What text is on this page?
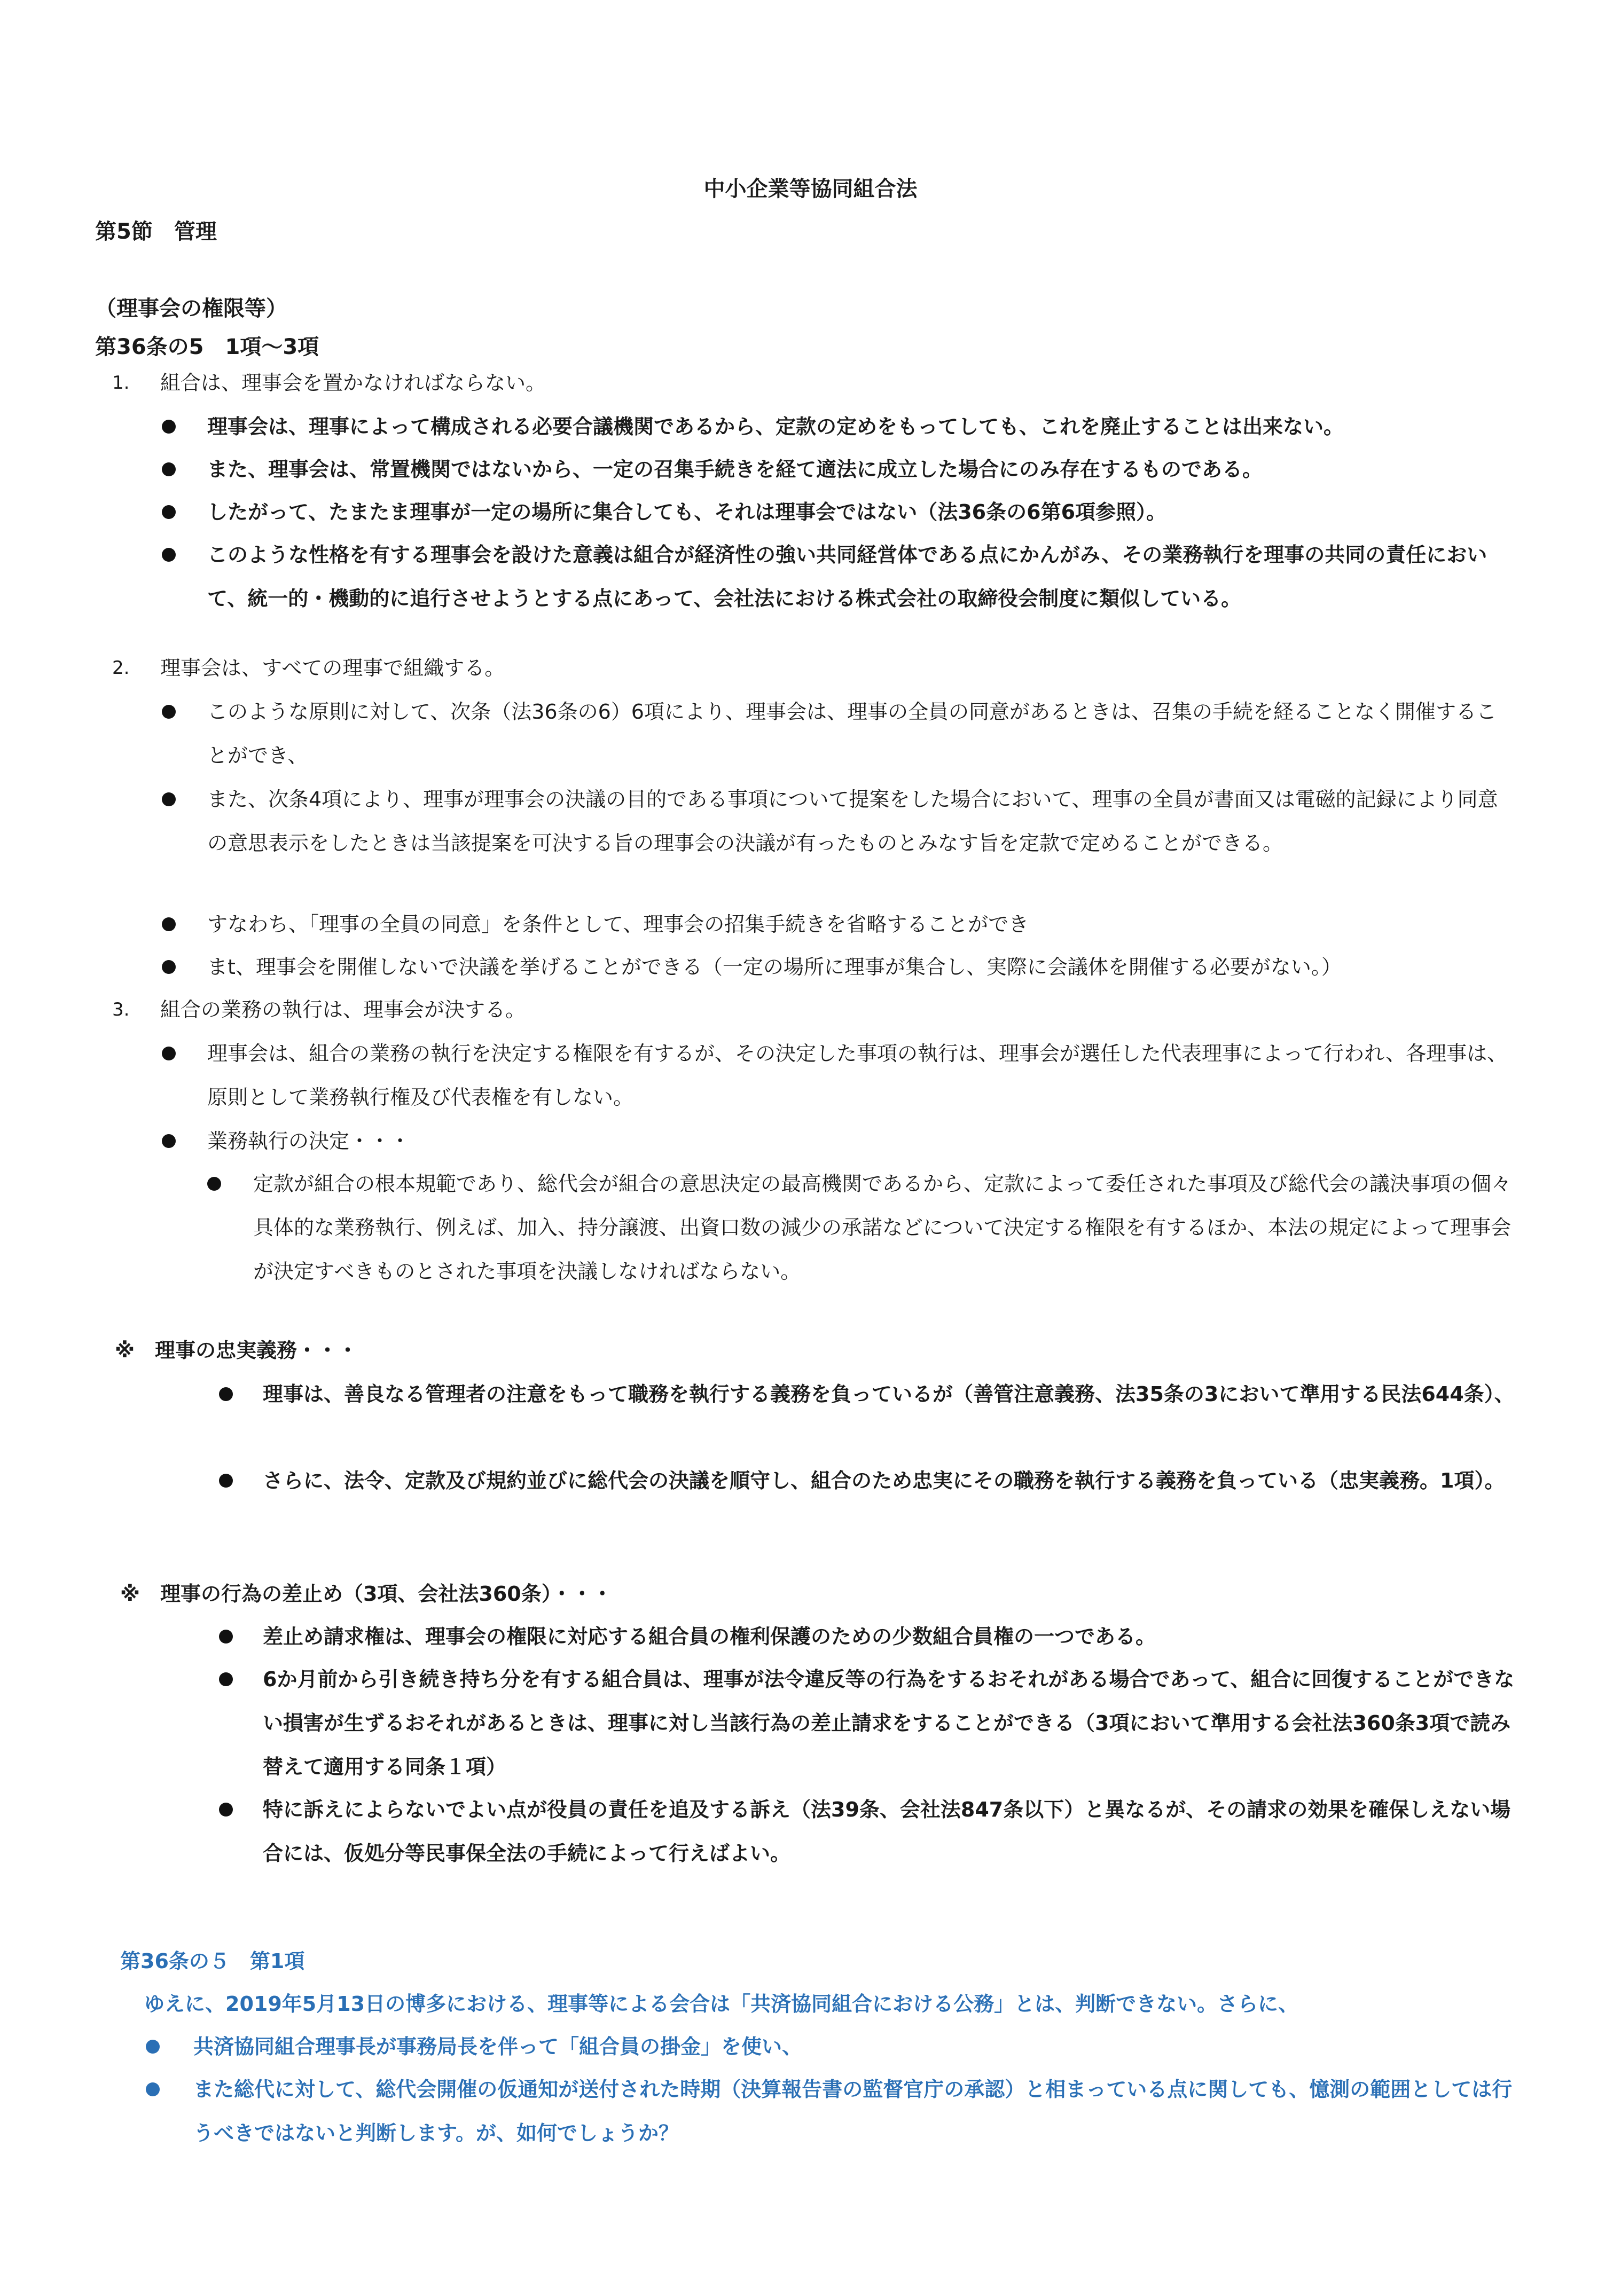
中小企業等協同組合法
第5節　管理
（理事会の権限等）
第36条の5　1項～3項
1. 組合は、理事会を置かなければならない。
理事会は、理事によって構成される必要合議機関であるから、定款の定めをもってしても、これを廃止することは出来ない。
また、理事会は、常置機関ではないから、一定の召集手続きを経て適法に成立した場合にのみ存在するものである。
したがって、たまたま理事が一定の場所に集合しても、それは理事会ではない（法36条の6第6項参照）。
このような性格を有する理事会を設けた意義は組合が経済性の強い共同経営体である点にかんがみ、その業務執行を理事の共同の責任において、統一的・機動的に追行させようとする点にあって、会社法における株式会社の取締役会制度に類似している。
2. 理事会は、すべての理事で組織する。
このような原則に対して、次条（法36条の6）6項により、理事会は、理事の全員の同意があるときは、召集の手続を経ることなく開催することができ、
また、次条4項により、理事が理事会の決議の目的である事項について提案をした場合において、理事の全員が書面又は電磁的記録により同意の意思表示をしたときは当該提案を可決する旨の理事会の決議が有ったものとみなす旨を定款で定めることができる。
すなわち、「理事の全員の同意」を条件として、理事会の招集手続きを省略することができ
まt、理事会を開催しないで決議を挙げることができる（一定の場所に理事が集合し、実際に会議体を開催する必要がない。）
3. 組合の業務の執行は、理事会が決する。
理事会は、組合の業務の執行を決定する権限を有するが、その決定した事項の執行は、理事会が選任した代表理事によって行われ、各理事は、原則として業務執行権及び代表権を有しない。
業務執行の決定・・・
定款が組合の根本規範であり、総代会が組合の意思決定の最高機関であるから、定款によって委任された事項及び総代会の議決事項の個々具体的な業務執行、例えば、加入、持分譲渡、出資口数の減少の承諾などについて決定する権限を有するほか、本法の規定によって理事会が決定すべきものとされた事項を決議しなければならない。
※　理事の忠実義務・・・
理事は、善良なる管理者の注意をもって職務を執行する義務を負っているが（善管注意義務、法35条の3において準用する民法644条）、
さらに、法令、定款及び規約並びに総代会の決議を順守し、組合のため忠実にその職務を執行する義務を負っている（忠実義務。1項）。
※　理事の行為の差止め（3項、会社法360条）・・・
差止め請求権は、理事会の権限に対応する組合員の権利保護のための少数組合員権の一つである。
6か月前から引き続き持ち分を有する組合員は、理事が法令違反等の行為をするおそれがある場合であって、組合に回復することができない損害が生ずるおそれがあるときは、理事に対し当該行為の差止請求をすることができる（3項において準用する会社法360条3項で読み替えて適用する同条１項）
特に訴えによらないでよい点が役員の責任を追及する訴え（法39条、会社法847条以下）と異なるが、その請求の効果を確保しえない場合には、仮処分等民事保全法の手続によって行えばよい。
第36条の５　第1項
ゆえに、2019年5月13日の博多における、理事等による会合は「共済協同組合における公務」とは、判断できない。さらに、
共済協同組合理事長が事務局長を伴って「組合員の掛金」を使い、
また総代に対して、総代会開催の仮通知が送付された時期（決算報告書の監督官庁の承認）と相まっている点に関しても、憶測の範囲としては行うべきではないと判断します。が、如何でしょうか？
